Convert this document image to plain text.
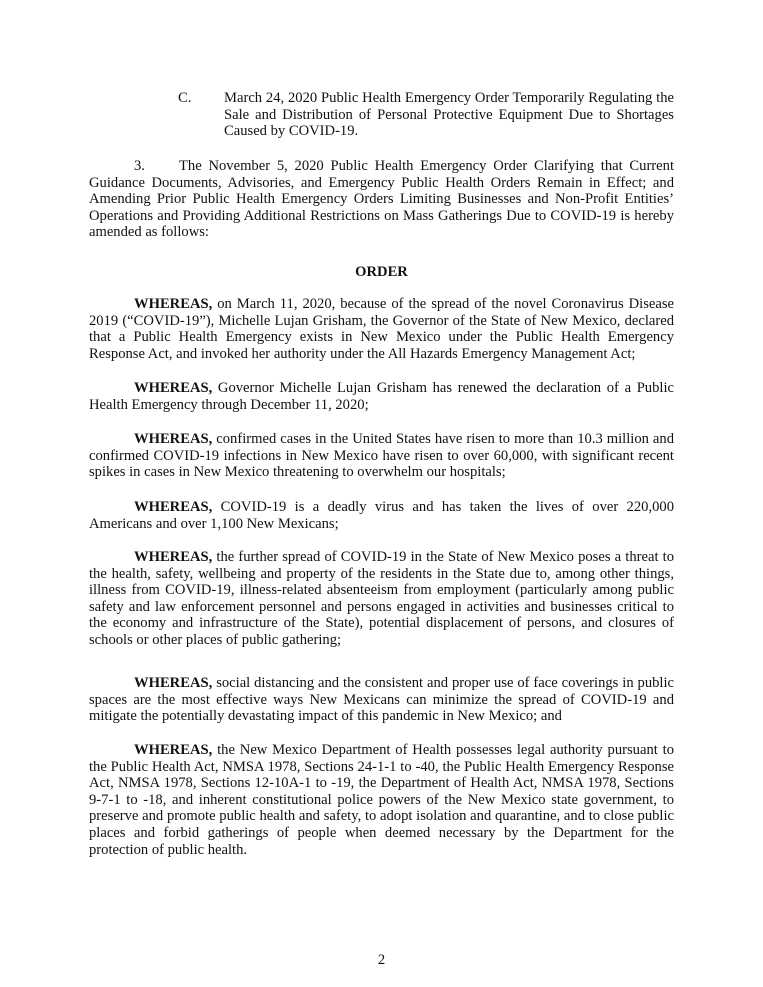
C. March 24, 2020 Public Health Emergency Order Temporarily Regulating the Sale and Distribution of Personal Protective Equipment Due to Shortages Caused by COVID-19.

3. The November 5, 2020 Public Health Emergency Order Clarifying that Current Guidance Documents, Advisories, and Emergency Public Health Orders Remain in Effect; and Amending Prior Public Health Emergency Orders Limiting Businesses and Non-Profit Entities’ Operations and Providing Additional Restrictions on Mass Gatherings Due to COVID-19 is hereby amended as follows:

ORDER

WHEREAS, on March 11, 2020, because of the spread of the novel Coronavirus Disease 2019 (“COVID-19”), Michelle Lujan Grisham, the Governor of the State of New Mexico, declared that a Public Health Emergency exists in New Mexico under the Public Health Emergency Response Act, and invoked her authority under the All Hazards Emergency Management Act;

WHEREAS, Governor Michelle Lujan Grisham has renewed the declaration of a Public Health Emergency through December 11, 2020;

WHEREAS, confirmed cases in the United States have risen to more than 10.3 million and confirmed COVID-19 infections in New Mexico have risen to over 60,000, with significant recent spikes in cases in New Mexico threatening to overwhelm our hospitals;

WHEREAS, COVID-19 is a deadly virus and has taken the lives of over 220,000 Americans and over 1,100 New Mexicans;

WHEREAS, the further spread of COVID-19 in the State of New Mexico poses a threat to the health, safety, wellbeing and property of the residents in the State due to, among other things, illness from COVID-19, illness-related absenteeism from employment (particularly among public safety and law enforcement personnel and persons engaged in activities and businesses critical to the economy and infrastructure of the State), potential displacement of persons, and closures of schools or other places of public gathering;

WHEREAS, social distancing and the consistent and proper use of face coverings in public spaces are the most effective ways New Mexicans can minimize the spread of COVID-19 and mitigate the potentially devastating impact of this pandemic in New Mexico; and

WHEREAS, the New Mexico Department of Health possesses legal authority pursuant to the Public Health Act, NMSA 1978, Sections 24-1-1 to -40, the Public Health Emergency Response Act, NMSA 1978, Sections 12-10A-1 to -19, the Department of Health Act, NMSA 1978, Sections 9-7-1 to -18, and inherent constitutional police powers of the New Mexico state government, to preserve and promote public health and safety, to adopt isolation and quarantine, and to close public places and forbid gatherings of people when deemed necessary by the Department for the protection of public health.

2
